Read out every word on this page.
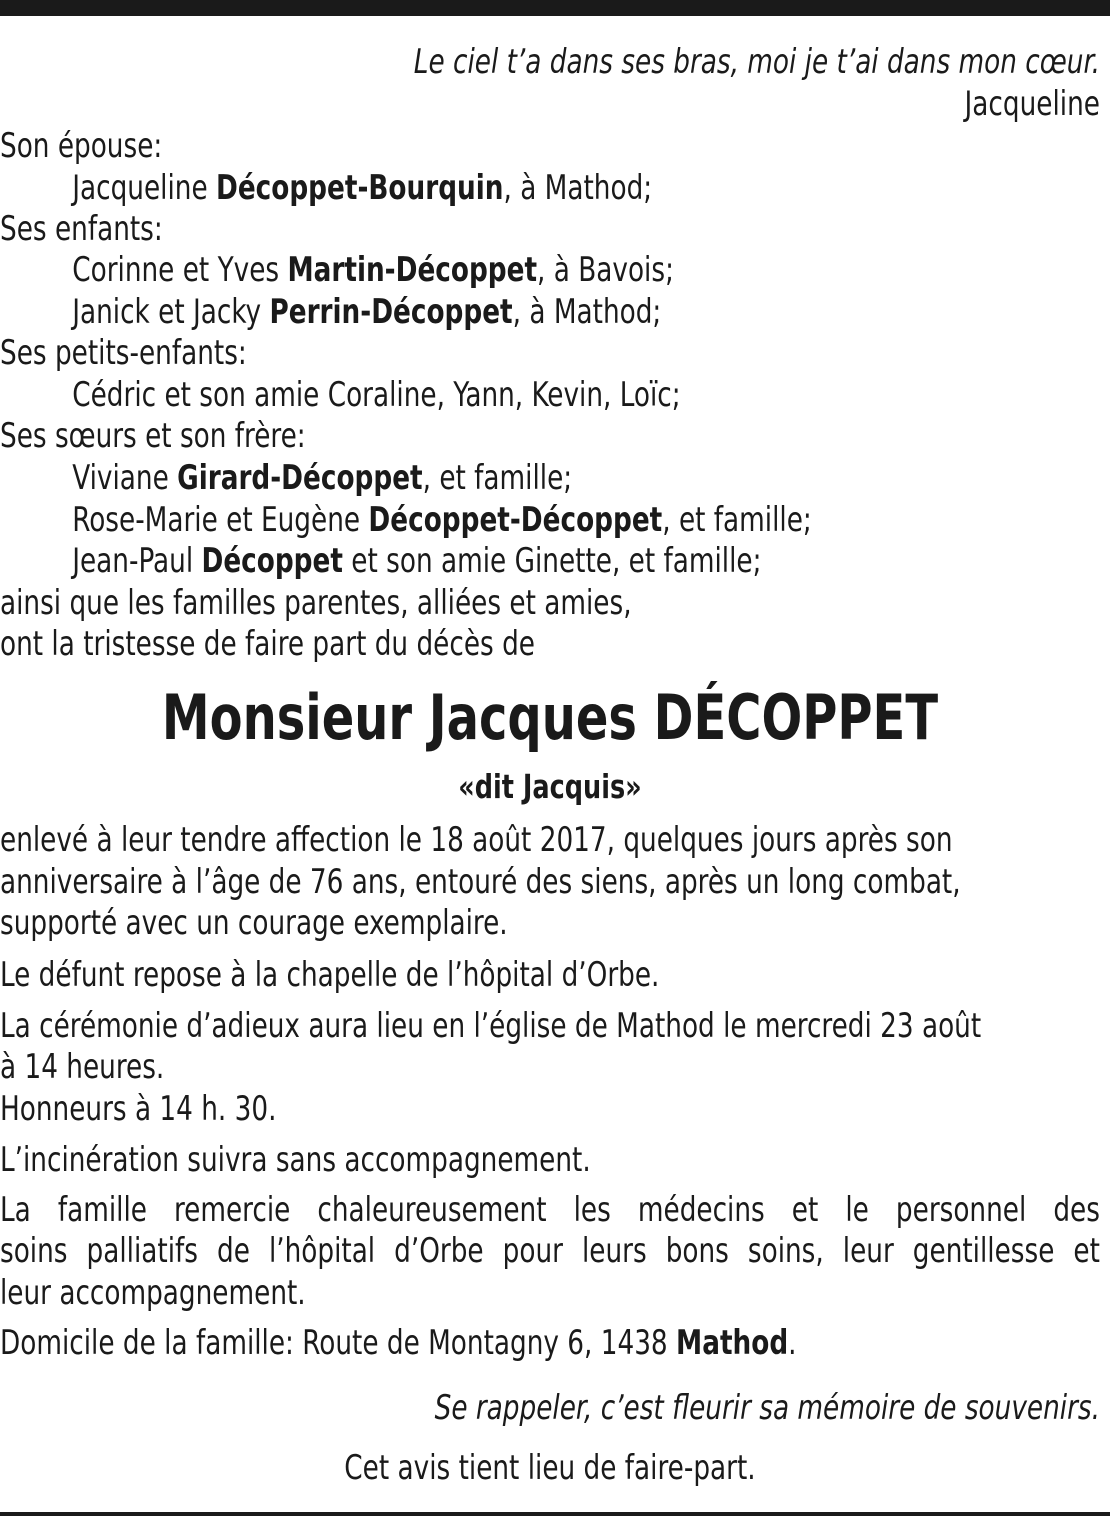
Le ciel t’a dans ses bras, moi je t’ai dans mon cœur.
Jacqueline
Son épouse:
Jacqueline Décoppet-Bourquin, à Mathod;
Ses enfants:
Corinne et Yves Martin-Décoppet, à Bavois;
Janick et Jacky Perrin-Décoppet, à Mathod;
Ses petits-enfants:
Cédric et son amie Coraline, Yann, Kevin, Loïc;
Ses sœurs et son frère:
Viviane Girard-Décoppet, et famille;
Rose-Marie et Eugène Décoppet-Décoppet, et famille;
Jean-Paul Décoppet et son amie Ginette, et famille;
ainsi que les familles parentes, alliées et amies,
ont la tristesse de faire part du décès de
Monsieur Jacques DÉCOPPET
«dit Jacquis»
enlevé à leur tendre affection le 18 août 2017, quelques jours après son
anniversaire à l’âge de 76 ans, entouré des siens, après un long combat,
supporté avec un courage exemplaire.
Le défunt repose à la chapelle de l’hôpital d’Orbe.
La cérémonie d’adieux aura lieu en l’église de Mathod le mercredi 23 août
à 14 heures.
Honneurs à 14 h. 30.
L’incinération suivra sans accompagnement.
La famille remercie chaleureusement les médecins et le personnel des
soins palliatifs de l’hôpital d’Orbe pour leurs bons soins, leur gentillesse et
leur accompagnement.
Domicile de la famille: Route de Montagny 6, 1438 Mathod.
Se rappeler, c’est fleurir sa mémoire de souvenirs.
Cet avis tient lieu de faire-part.
